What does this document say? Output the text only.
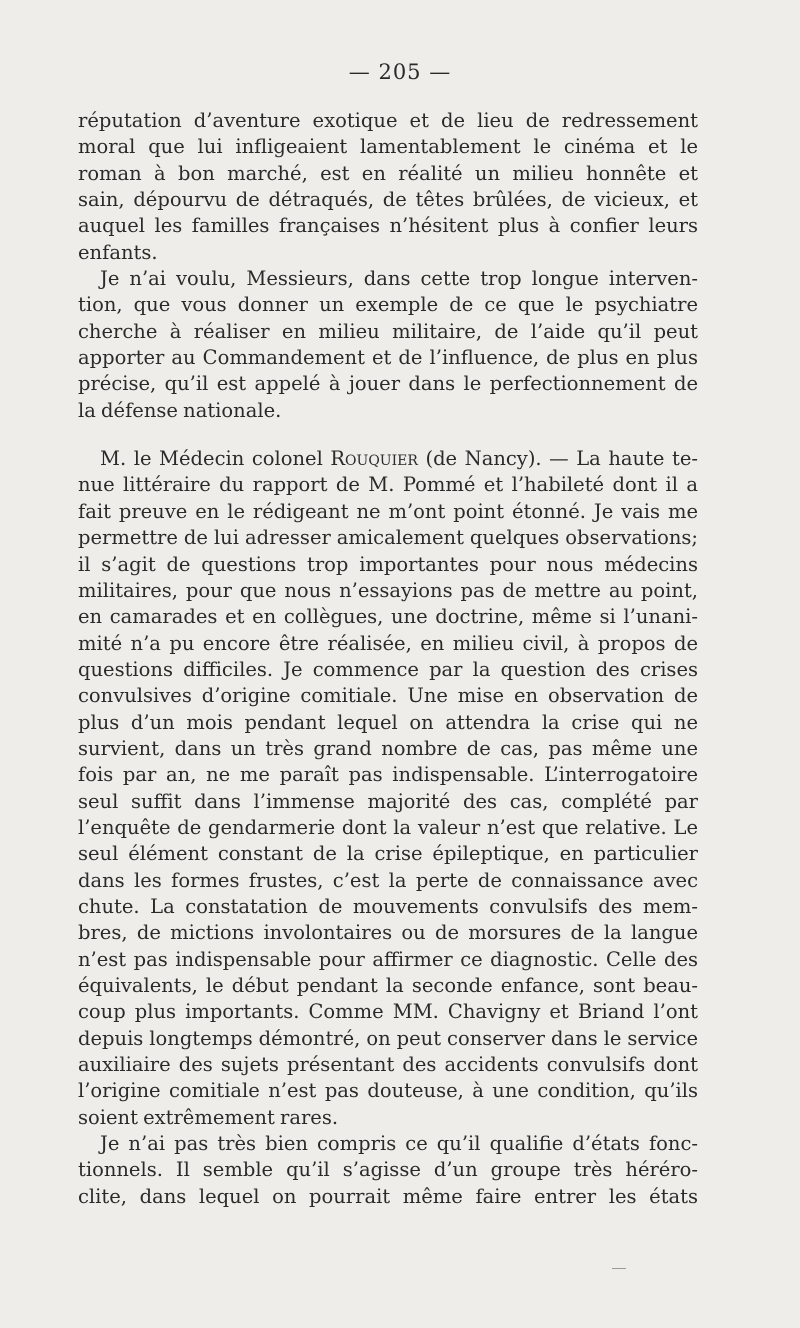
— 205 —
réputation d’aventure exotique et de lieu de redressement
moral que lui infligeaient lamentablement le cinéma et le
roman à bon marché, est en réalité un milieu honnête et
sain, dépourvu de détraqués, de têtes brûlées, de vicieux, et
auquel les familles françaises n’hésitent plus à confier leurs
enfants.
Je n’ai voulu, Messieurs, dans cette trop longue interven-
tion, que vous donner un exemple de ce que le psychiatre
cherche à réaliser en milieu militaire, de l’aide qu’il peut
apporter au Commandement et de l’influence, de plus en plus
précise, qu’il est appelé à jouer dans le perfectionnement de
la défense nationale.
M. le Médecin colonel Rouquier (de Nancy). — La haute te-
nue littéraire du rapport de M. Pommé et l’habileté dont il a
fait preuve en le rédigeant ne m’ont point étonné. Je vais me
permettre de lui adresser amicalement quelques observations;
il s’agit de questions trop importantes pour nous médecins
militaires, pour que nous n’essayions pas de mettre au point,
en camarades et en collègues, une doctrine, même si l’unani-
mité n’a pu encore être réalisée, en milieu civil, à propos de
questions difficiles. Je commence par la question des crises
convulsives d’origine comitiale. Une mise en observation de
plus d’un mois pendant lequel on attendra la crise qui ne
survient, dans un très grand nombre de cas, pas même une
fois par an, ne me paraît pas indispensable. L’interrogatoire
seul suffit dans l’immense majorité des cas, complété par
l’enquête de gendarmerie dont la valeur n’est que relative. Le
seul élément constant de la crise épileptique, en particulier
dans les formes frustes, c’est la perte de connaissance avec
chute. La constatation de mouvements convulsifs des mem-
bres, de mictions involontaires ou de morsures de la langue
n’est pas indispensable pour affirmer ce diagnostic. Celle des
équivalents, le début pendant la seconde enfance, sont beau-
coup plus importants. Comme MM. Chavigny et Briand l’ont
depuis longtemps démontré, on peut conserver dans le service
auxiliaire des sujets présentant des accidents convulsifs dont
l’origine comitiale n’est pas douteuse, à une condition, qu’ils
soient extrêmement rares.
Je n’ai pas très bien compris ce qu’il qualifie d’états fonc-
tionnels. Il semble qu’il s’agisse d’un groupe très héréro-
clite, dans lequel on pourrait même faire entrer les états
